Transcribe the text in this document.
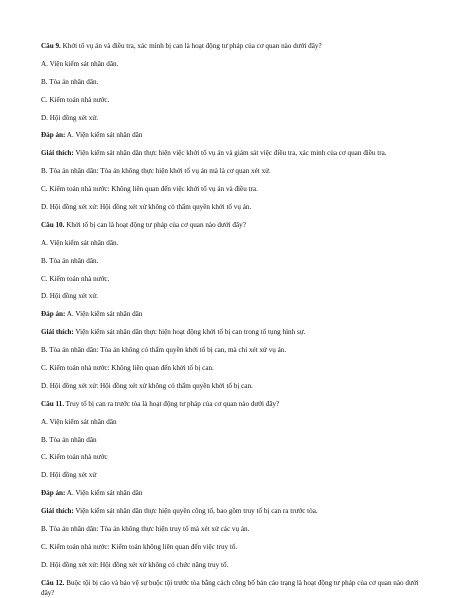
Câu 9. Khởi tố vụ án và điều tra, xác minh bị can là hoạt động tư pháp của cơ quan nào dưới đây?

A. Viện kiểm sát nhân dân.

B. Tòa án nhân dân.

C. Kiểm toán nhà nước.

D. Hội đồng xét xử.

Đáp án: A. Viện kiểm sát nhân dân

Giải thích: Viện kiểm sát nhân dân thực hiện việc khởi tố vụ án và giám sát việc điều tra, xác minh của cơ quan điều tra.

B. Tòa án nhân dân: Tòa án không thực hiện khởi tố vụ án mà là cơ quan xét xử.

C. Kiểm toán nhà nước: Không liên quan đến việc khởi tố vụ án và điều tra.

D. Hội đồng xét xử: Hội đồng xét xử không có thẩm quyền khởi tố vụ án.

Câu 10. Khởi tố bị can là hoạt động tư pháp của cơ quan nào dưới đây?

A. Viện kiểm sát nhân dân.

B. Tòa án nhân dân.

C. Kiểm toán nhà nước.

D. Hội đồng xét xử.

Đáp án: A. Viện kiểm sát nhân dân

Giải thích: Viện kiểm sát nhân dân thực hiện hoạt động khởi tố bị can trong tố tụng hình sự.

B. Tòa án nhân dân: Tòa án không có thẩm quyền khởi tố bị can, mà chỉ xét xử vụ án.

C. Kiểm toán nhà nước: Không liên quan đến khởi tố bị can.

D. Hội đồng xét xử: Hội đồng xét xử không có thẩm quyền khởi tố bị can.

Câu 11. Truy tố bị can ra trước tòa là hoạt động tư pháp của cơ quan nào dưới đây?

A. Viện kiểm sát nhân dân

B. Tòa án nhân dân

C. Kiểm toán nhà nước

D. Hội đồng xét xử

Đáp án: A. Viện kiểm sát nhân dân

Giải thích: Viện kiểm sát nhân dân thực hiện quyền công tố, bao gồm truy tố bị can ra trước tòa.

B. Tòa án nhân dân: Tòa án không thực hiện truy tố mà xét xử các vụ án.

C. Kiểm toán nhà nước: Kiểm toán không liên quan đến việc truy tố.

D. Hội đồng xét xử: Hội đồng xét xử không có chức năng truy tố.

Câu 12. Buộc tội bị cáo và bảo vệ sự buộc tội trước tòa bằng cách công bố bản cáo trạng là hoạt động tư pháp của cơ quan nào dưới đây?
